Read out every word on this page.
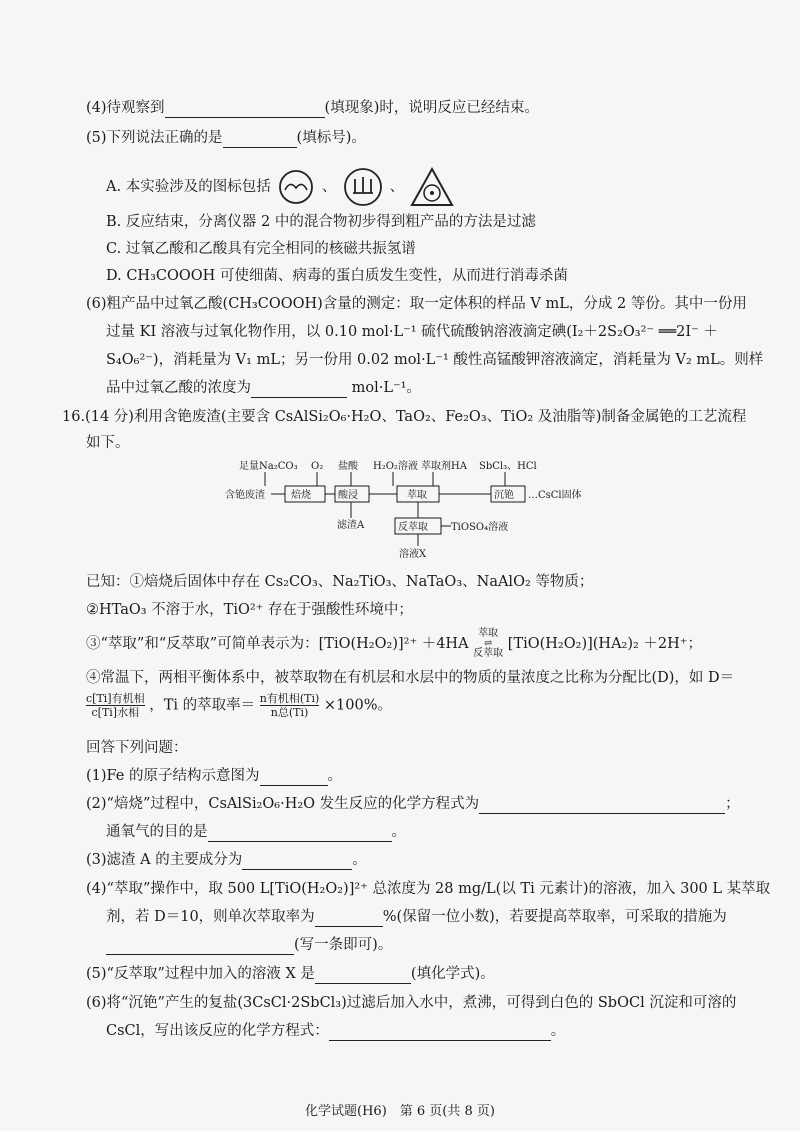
(4)待观察到	(填现象)时，说明反应已经结束。
(5)下列说法正确的是	(填标号)。
A. 本实验涉及的图标包括	、	、
B. 反应结束，分离仪器 2 中的混合物初步得到粗产品的方法是过滤
C. 过氧乙酸和乙酸具有完全相同的核磁共振氢谱
D. CH₃COOOH 可使细菌、病毒的蛋白质发生变性，从而进行消毒杀菌
(6)粗产品中过氧乙酸(CH₃COOOH)含量的测定：取一定体积的样品 V mL，分成 2 等份。其中一份用
过量 KI 溶液与过氧化物作用，以 0.10 mol·L⁻¹ 硫代硫酸钠溶液滴定碘(I₂＋2S₂O₃²⁻ ══2I⁻ ＋
S₄O₆²⁻)，消耗量为 V₁ mL；另一份用 0.02 mol·L⁻¹ 酸性高锰酸钾溶液滴定，消耗量为 V₂ mL。则样
品中过氧乙酸的浓度为	mol·L⁻¹。
16.(14 分)利用含铯废渣(主要含 CsAlSi₂O₆·H₂O、TaO₂、Fe₂O₃、TiO₂ 及油脂等)制备金属铯的工艺流程
如下。
足量Na₂CO₃ O₂ 盐酸 H₂O₂溶液 萃取剂HA SbCl₃、HCl
含铯废渣	…CsCl固体
滤渣A	TiOSO₄溶液
溶液X
焙烧	酸浸	萃取	沉铯
反萃取
已知：①焙烧后固体中存在 Cs₂CO₃、Na₂TiO₃、NaTaO₃、NaAlO₂ 等物质；
②HTaO₃ 不溶于水，TiO²⁺ 存在于强酸性环境中；
③“萃取”和“反萃取”可简单表示为：[TiO(H₂O₂)]²⁺ ＋4HA 萃取
⇌
反萃取 [TiO(H₂O₂)](HA₂)₂ ＋2H⁺；
④常温下，两相平衡体系中，被萃取物在有机层和水层中的物质的量浓度之比称为分配比(D)，如 D＝
$\frac{\text{c[Ti]有机相}}{\text{c[Ti]水相}}$ ，Ti 的萃取率＝ $\frac{\text{n有机相(Ti)}}{\text{n总(Ti)}} \times 100\%$。
回答下列问题：
(1)Fe 的原子结构示意图为	。
(2)“焙烧”过程中，CsAlSi₂O₆·H₂O 发生反应的化学方程式为	；
通氧气的目的是	。
(3)滤渣 A 的主要成分为	。
(4)“萃取”操作中，取 500 L[TiO(H₂O₂)]²⁺ 总浓度为 28 mg/L(以 Ti 元素计)的溶液，加入 300 L 某萃取
剂，若 D＝10，则单次萃取率为	%(保留一位小数)，若要提高萃取率，可采取的措施为
(写一条即可)。
(5)“反萃取”过程中加入的溶液 X 是	(填化学式)。
(6)将“沉铯”产生的复盐(3CsCl·2SbCl₃)过滤后加入水中，煮沸，可得到白色的 SbOCl 沉淀和可溶的
CsCl，写出该反应的化学方程式：	。
化学试题(H6)　第 6 页(共 8 页)
